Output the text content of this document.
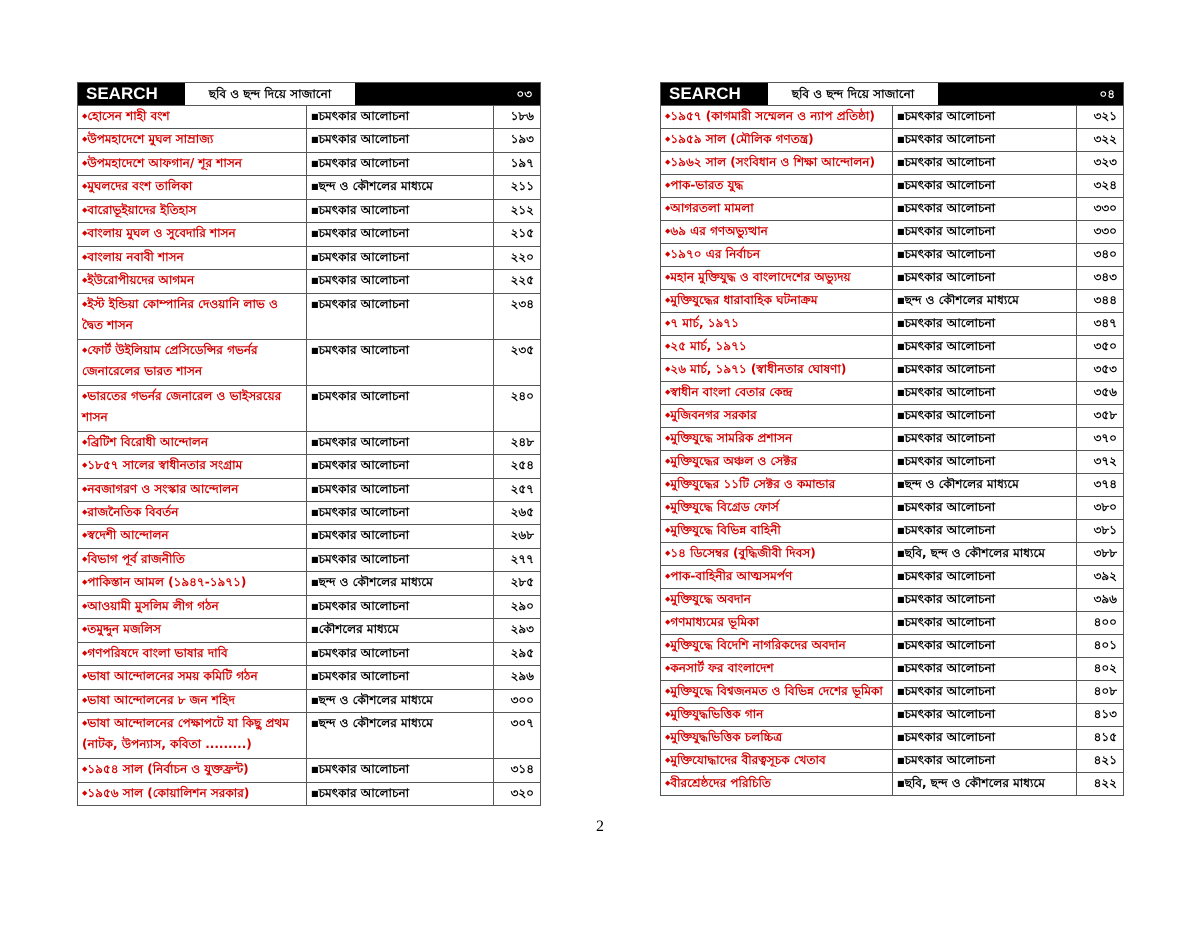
SEARCH	ছবি ও ছন্দ দিয়ে সাজানো	০৩
◆ হোসেন শাহী বংশ	■ চমৎকার আলোচনা	১৮৬
◆ উপমহাদেশে মুঘল সাম্রাজ্য	■ চমৎকার আলোচনা	১৯৩
◆ উপমহাদেশে আফগান/ শূর শাসন	■ চমৎকার আলোচনা	১৯৭
◆ মুঘলদের বংশ তালিকা	■ ছন্দ ও কৌশলের মাধ্যমে	২১১
◆ বারোভূইয়াদের ইতিহাস	■ চমৎকার আলোচনা	২১২
◆ বাংলায় মুঘল ও সুবেদারি শাসন	■ চমৎকার আলোচনা	২১৫
◆ বাংলায় নবাবী শাসন	■ চমৎকার আলোচনা	২২০
◆ ইউরোপীয়দের আগমন	■ চমৎকার আলোচনা	২২৫
◆ ইস্ট ইন্ডিয়া কোম্পানির দেওয়ানি লাভ ও দ্বৈত শাসন
■ চমৎকার আলোচনা	২৩৪
◆ ফোর্ট উইলিয়াম প্রেসিডেন্সির গভর্নর জেনারেলের ভারত শাসন
■ চমৎকার আলোচনা	২৩৫
◆ ভারতের গভর্নর জেনারেল ও ভাইসরয়ের শাসন
■ চমৎকার আলোচনা	২৪০
◆ ব্রিটিশ বিরোধী আন্দোলন	■ চমৎকার আলোচনা	২৪৮
◆ ১৮৫৭ সালের স্বাধীনতার সংগ্রাম	■ চমৎকার আলোচনা	২৫৪
◆ নবজাগরণ ও সংস্কার আন্দোলন	■ চমৎকার আলোচনা	২৫৭
◆ রাজনৈতিক বিবর্তন	■ চমৎকার আলোচনা	২৬৫
◆ স্বদেশী আন্দোলন	■ চমৎকার আলোচনা	২৬৮
◆ বিভাগ পূর্ব রাজনীতি	■ চমৎকার আলোচনা	২৭৭
◆ পাকিস্তান আমল (১৯৪৭-১৯৭১)	■ ছন্দ ও কৌশলের মাধ্যমে	২৮৫
◆ আওয়ামী মুসলিম লীগ গঠন	■ চমৎকার আলোচনা	২৯০
◆ তমুদ্দুন মজলিস	■ কৌশলের মাধ্যমে	২৯৩
◆ গণপরিষদে বাংলা ভাষার দাবি	■ চমৎকার আলোচনা	২৯৫
◆ ভাষা আন্দোলনের সময় কমিটি গঠন	■ চমৎকার আলোচনা	২৯৬
◆ ভাষা আন্দোলনের ৮ জন শহিদ	■ ছন্দ ও কৌশলের মাধ্যমে	৩০০
◆ ভাষা আন্দোলনের পেক্ষাপটে যা কিছু প্রথম (নাটক, উপন্যাস, কবিতা .........)
■ ছন্দ ও কৌশলের মাধ্যমে	৩০৭
◆ ১৯৫৪ সাল (নির্বাচন ও যুক্তফ্রন্ট)	■ চমৎকার আলোচনা	৩১৪
◆ ১৯৫৬ সাল (কোয়ালিশন সরকার)	■ চমৎকার আলোচনা	৩২০
SEARCH	ছবি ও ছন্দ দিয়ে সাজানো	০৪
◆ ১৯৫৭ (কাগমারী সম্মেলন ও ন্যাপ প্রতিষ্ঠা)	■ চমৎকার আলোচনা	৩২১
◆ ১৯৫৯ সাল (মৌলিক গণতন্ত্র)	■ চমৎকার আলোচনা	৩২২
◆ ১৯৬২ সাল (সংবিধান ও শিক্ষা আন্দোলন)	■ চমৎকার আলোচনা	৩২৩
◆ পাক-ভারত যুদ্ধ	■ চমৎকার আলোচনা	৩২৪
◆ আগরতলা মামলা	■ চমৎকার আলোচনা	৩৩০
◆ ৬৯ এর গণঅভ্যুত্থান	■ চমৎকার আলোচনা	৩৩০
◆ ১৯৭০ এর নির্বাচন	■ চমৎকার আলোচনা	৩৪০
◆ মহান মুক্তিযুদ্ধ ও বাংলাদেশের অভ্যুদয়	■ চমৎকার আলোচনা	৩৪৩
◆ মুক্তিযুদ্ধের ধারাবাহিক ঘটনাক্রম	■ ছন্দ ও কৌশলের মাধ্যমে	৩৪৪
◆ ৭ মার্চ, ১৯৭১	■ চমৎকার আলোচনা	৩৪৭
◆ ২৫ মার্চ, ১৯৭১	■ চমৎকার আলোচনা	৩৫০
◆ ২৬ মার্চ, ১৯৭১ (স্বাধীনতার ঘোষণা)	■ চমৎকার আলোচনা	৩৫৩
◆ স্বাধীন বাংলা বেতার কেন্দ্র	■ চমৎকার আলোচনা	৩৫৬
◆ মুজিবনগর সরকার	■ চমৎকার আলোচনা	৩৫৮
◆ মুক্তিযুদ্ধে সামরিক প্রশাসন	■ চমৎকার আলোচনা	৩৭০
◆ মুক্তিযুদ্ধের অঞ্চল ও সেক্টর	■ চমৎকার আলোচনা	৩৭২
◆ মুক্তিযুদ্ধের ১১টি সেক্টর ও কমান্ডার	■ ছন্দ ও কৌশলের মাধ্যমে	৩৭৪
◆ মুক্তিযুদ্ধে বিগ্রেড ফোর্স	■ চমৎকার আলোচনা	৩৮০
◆ মুক্তিযুদ্ধে বিভিন্ন বাহিনী	■ চমৎকার আলোচনা	৩৮১
◆ ১৪ ডিসেম্বর (বুদ্ধিজীবী দিবস)	■ ছবি, ছন্দ ও কৌশলের মাধ্যমে	৩৮৮
◆ পাক-বাহিনীর আত্মসমর্পণ	■ চমৎকার আলোচনা	৩৯২
◆ মুক্তিযুদ্ধে অবদান	■ চমৎকার আলোচনা	৩৯৬
◆ গণমাধ্যমের ভূমিকা	■ চমৎকার আলোচনা	৪০০
◆ মুক্তিযুদ্ধে বিদেশি নাগরিকদের অবদান	■ চমৎকার আলোচনা	৪০১
◆ কনসার্ট ফর বাংলাদেশ	■ চমৎকার আলোচনা	৪০২
◆ মুক্তিযুদ্ধে বিশ্বজনমত ও বিভিন্ন দেশের ভূমিকা	■ চমৎকার আলোচনা	৪০৮
◆ মুক্তিযুদ্ধভিত্তিক গান	■ চমৎকার আলোচনা	৪১৩
◆ মুক্তিযুদ্ধভিত্তিক চলচ্চিত্র	■ চমৎকার আলোচনা	৪১৫
◆ মুক্তিযোদ্ধাদের বীরত্বসূচক খেতাব	■ চমৎকার আলোচনা	৪২১
◆ বীরশ্রেষ্ঠদের পরিচিতি	■ ছবি, ছন্দ ও কৌশলের মাধ্যমে	৪২২
2
